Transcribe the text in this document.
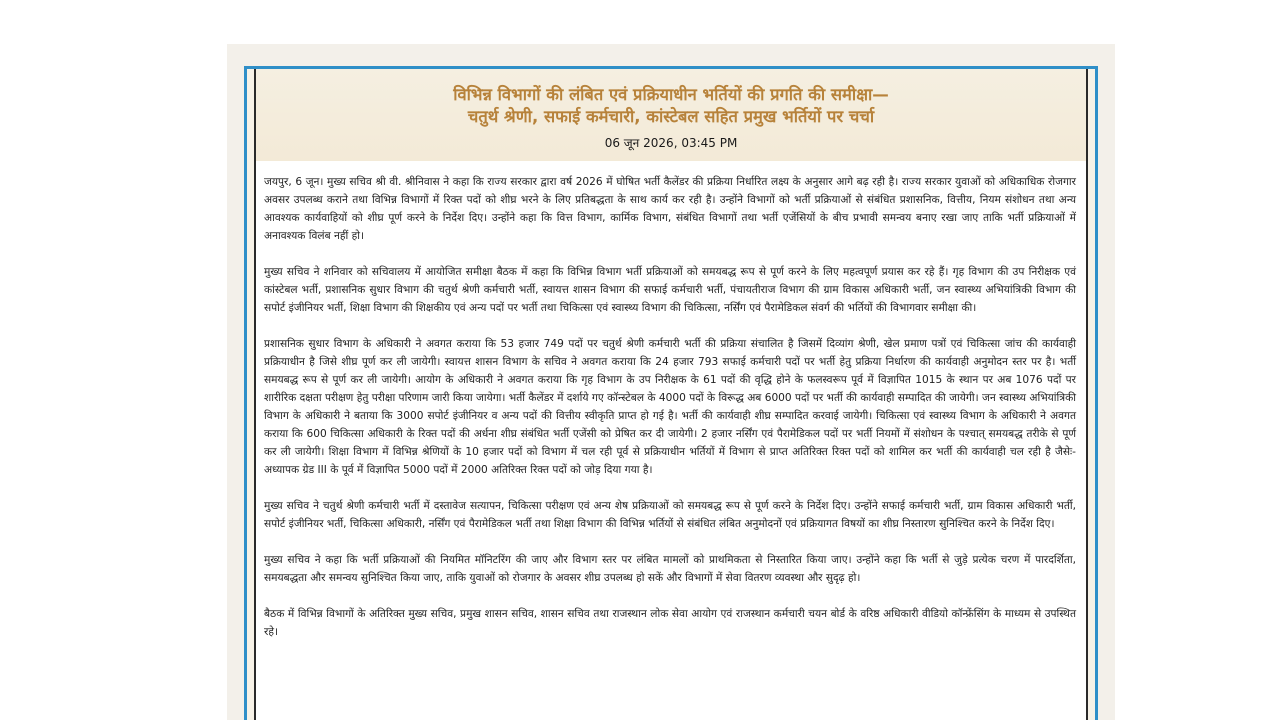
विभिन्न विभागों की लंबित एवं प्रक्रियाधीन भर्तियों की प्रगति की समीक्षा—
चतुर्थ श्रेणी, सफाई कर्मचारी, कांस्टेबल सहित प्रमुख भर्तियों पर चर्चा
06 जून 2026, 03:45 PM

जयपुर, 6 जून। मुख्य सचिव श्री वी. श्रीनिवास ने कहा कि राज्य सरकार द्वारा वर्ष 2026 में घोषित भर्ती कैलेंडर की प्रक्रिया निर्धारित लक्ष्य के अनुसार आगे बढ़ रही है। राज्य सरकार युवाओं को अधिकाधिक रोजगार अवसर उपलब्ध कराने तथा विभिन्न विभागों में रिक्त पदों को शीघ्र भरने के लिए प्रतिबद्धता के साथ कार्य कर रही है। उन्होंने विभागों को भर्ती प्रक्रियाओं से संबंधित प्रशासनिक, वित्तीय, नियम संशोधन तथा अन्य आवश्यक कार्यवाहियों को शीघ्र पूर्ण करने के निर्देश दिए। उन्होंने कहा कि वित्त विभाग, कार्मिक विभाग, संबंधित विभागों तथा भर्ती एजेंसियों के बीच प्रभावी समन्वय बनाए रखा जाए ताकि भर्ती प्रक्रियाओं में अनावश्यक विलंब नहीं हो।

मुख्य सचिव ने शनिवार को सचिवालय में आयोजित समीक्षा बैठक में कहा कि विभिन्न विभाग भर्ती प्रक्रियाओं को समयबद्ध रूप से पूर्ण करने के लिए महत्वपूर्ण प्रयास कर रहे हैं। गृह विभाग की उप निरीक्षक एवं कांस्टेबल भर्ती, प्रशासनिक सुधार विभाग की चतुर्थ श्रेणी कर्मचारी भर्ती, स्वायत्त शासन विभाग की सफाई कर्मचारी भर्ती, पंचायतीराज विभाग की ग्राम विकास अधिकारी भर्ती, जन स्वास्थ्य अभियांत्रिकी विभाग की सपोर्ट इंजीनियर भर्ती, शिक्षा विभाग की शिक्षकीय एवं अन्य पदों पर भर्ती तथा चिकित्सा एवं स्वास्थ्य विभाग की चिकित्सा, नर्सिंग एवं पैरामेडिकल संवर्ग की भर्तियों की विभागवार समीक्षा की।

प्रशासनिक सुधार विभाग के अधिकारी ने अवगत कराया कि 53 हजार 749 पदों पर चतुर्थ श्रेणी कर्मचारी भर्ती की प्रक्रिया संचालित है जिसमें दिव्यांग श्रेणी, खेल प्रमाण पत्रों एवं चिकित्सा जांच की कार्यवाही प्रक्रियाधीन है जिसे शीघ्र पूर्ण कर ली जायेगी। स्वायत्त शासन विभाग के सचिव ने अवगत कराया कि 24 हजार 793 सफाई कर्मचारी पदों पर भर्ती हेतु प्रक्रिया निर्धारण की कार्यवाही अनुमोदन स्तर पर है। भर्ती समयबद्ध रूप से पूर्ण कर ली जायेगी। आयोग के अधिकारी ने अवगत कराया कि गृह विभाग के उप निरीक्षक के 61 पदों की वृद्धि होने के फलस्वरूप पूर्व में विज्ञापित 1015 के स्थान पर अब 1076 पदों पर शारीरिक दक्षता परीक्षण हेतु परीक्षा परिणाम जारी किया जायेगा। भर्ती कैलेंडर में दर्शाये गए कॉन्स्टेबल के 4000 पदों के विरूद्ध अब 6000 पदों पर भर्ती की कार्यवाही सम्पादित की जायेगी। जन स्वास्थ्य अभियांत्रिकी विभाग के अधिकारी ने बताया कि 3000 सपोर्ट इंजीनियर व अन्य पदों की वित्तीय स्वीकृति प्राप्त हो गई है। भर्ती की कार्यवाही शीघ्र सम्पादित करवाई जायेगी। चिकित्सा एवं स्वास्थ्य विभाग के अधिकारी ने अवगत कराया कि 600 चिकित्सा अधिकारी के रिक्त पदों की अर्धना शीघ्र संबंधित भर्ती एजेंसी को प्रेषित कर दी जायेगी। 2 हजार नर्सिंग एवं पैरामेडिकल पदों पर भर्ती नियमों में संशोधन के पश्चात् समयबद्ध तरीके से पूर्ण कर ली जायेगी। शिक्षा विभाग में विभिन्न श्रेणियों के 10 हजार पदों को विभाग में चल रही पूर्व से प्रक्रियाधीन भर्तियों में विभाग से प्राप्त अतिरिक्त रिक्त पदों को शामिल कर भर्ती की कार्यवाही चल रही है जैसेः-अध्यापक ग्रेड III के पूर्व में विज्ञापित 5000 पदों में 2000 अतिरिक्त रिक्त पदों को जोड़ दिया गया है।

मुख्य सचिव ने चतुर्थ श्रेणी कर्मचारी भर्ती में दस्तावेज सत्यापन, चिकित्सा परीक्षण एवं अन्य शेष प्रक्रियाओं को समयबद्ध रूप से पूर्ण करने के निर्देश दिए। उन्होंने सफाई कर्मचारी भर्ती, ग्राम विकास अधिकारी भर्ती, सपोर्ट इंजीनियर भर्ती, चिकित्सा अधिकारी, नर्सिंग एवं पैरामेडिकल भर्ती तथा शिक्षा विभाग की विभिन्न भर्तियों से संबंधित लंबित अनुमोदनों एवं प्रक्रियागत विषयों का शीघ्र निस्तारण सुनिश्चित करने के निर्देश दिए।

मुख्य सचिव ने कहा कि भर्ती प्रक्रियाओं की नियमित मॉनिटरिंग की जाए और विभाग स्तर पर लंबित मामलों को प्राथमिकता से निस्तारित किया जाए। उन्होंने कहा कि भर्ती से जुड़े प्रत्येक चरण में पारदर्शिता, समयबद्धता और समन्वय सुनिश्चित किया जाए, ताकि युवाओं को रोजगार के अवसर शीघ्र उपलब्ध हो सकें और विभागों में सेवा वितरण व्यवस्था और सुदृढ़ हो।

बैठक में विभिन्न विभागों के अतिरिक्त मुख्य सचिव, प्रमुख शासन सचिव, शासन सचिव तथा राजस्थान लोक सेवा आयोग एवं राजस्थान कर्मचारी चयन बोर्ड के वरिष्ठ अधिकारी वीडियो कॉन्फ्रेंसिंग के माध्यम से उपस्थित रहे।
